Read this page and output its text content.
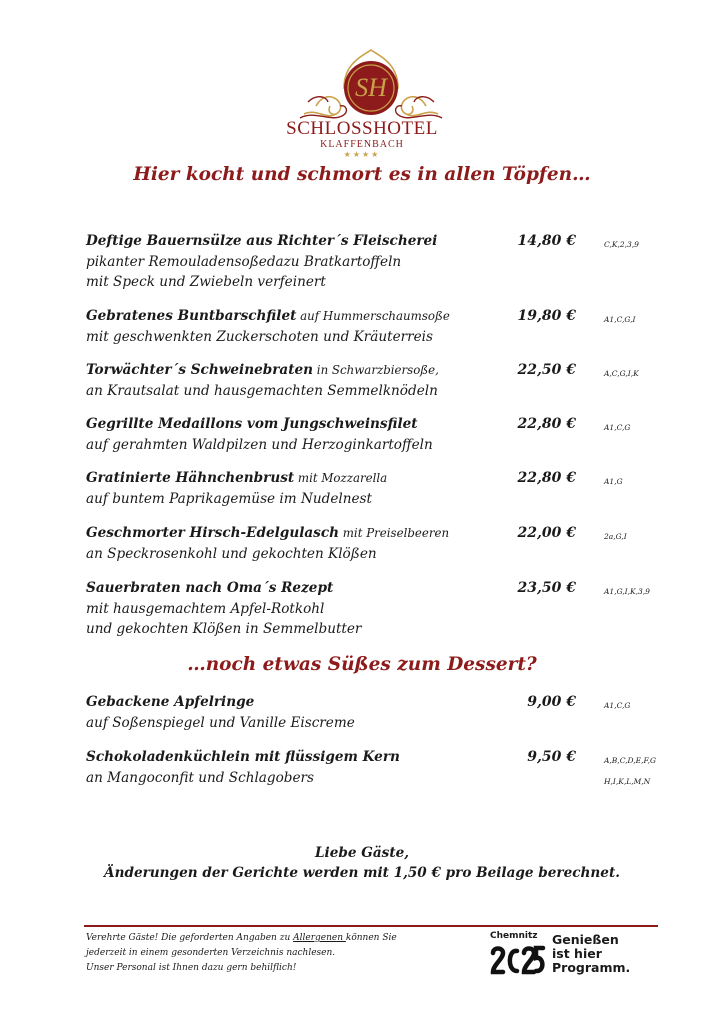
SH
SCHLOSSHOTEL
KLAFFENBACH
★★★★
Hier kocht und schmort es in allen Töpfen…
Deftige Bauernsülze aus Richter´s Fleischerei
pikanter Remouladensoßedazu Bratkartoffeln
mit Speck und Zwiebeln verfeinert
14,80 €	C,K,2,3,9
Gebratenes Buntbarschfilet auf Hummerschaumsoße
mit geschwenkten Zuckerschoten und Kräuterreis
19,80 €	A1,C,G,I
Torwächter´s Schweinebraten in Schwarzbiersoße,
an Krautsalat und hausgemachten Semmelknödeln
22,50 €	A,C,G,I,K
Gegrillte Medaillons vom Jungschweinsfilet
auf gerahmten Waldpilzen und Herzoginkartoffeln
22,80 €	A1,C,G
Gratinierte Hähnchenbrust mit Mozzarella
auf buntem Paprikagemüse im Nudelnest
22,80 €	A1,G
Geschmorter Hirsch-Edelgulasch mit Preiselbeeren
an Speckrosenkohl und gekochten Klößen
22,00 €	2a,G,I
Sauerbraten nach Oma´s Rezept
mit hausgemachtem Apfel-Rotkohl
und gekochten Klößen in Semmelbutter
23,50 €	A1,G,I,K,3,9
…noch etwas Süßes zum Dessert?
Gebackene Apfelringe
auf Soßenspiegel und Vanille Eiscreme
9,00 €	A1,C,G
Schokoladenküchlein mit flüssigem Kern
an Mangoconfit und Schlagobers
9,50 €	A,B,C,D,E,F,G
H,I,K,L,M,N
Liebe Gäste,
Änderungen der Gerichte werden mit 1,50 € pro Beilage berechnet.
Verehrte Gäste! Die geforderten Angaben zu Allergenen können Sie
jederzeit in einem gesonderten Verzeichnis nachlesen.
Unser Personal ist Ihnen dazu gern behilflich!
Chemnitz Genießen
ist hier
Programm.
